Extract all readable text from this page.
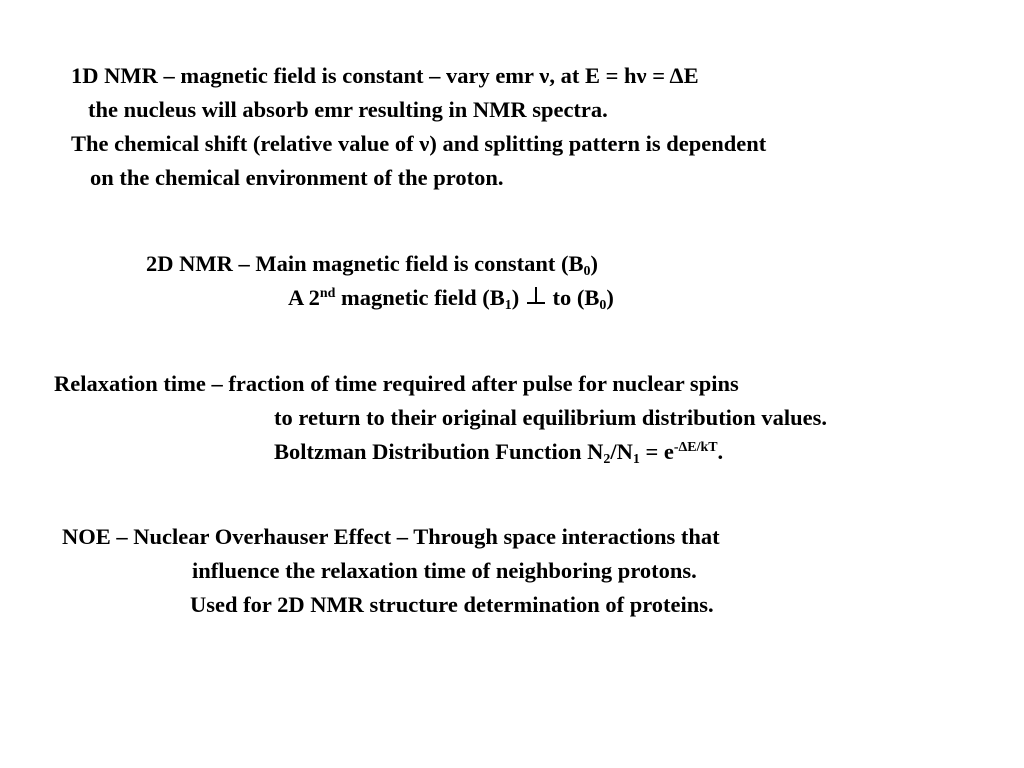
1D NMR – magnetic field is constant – vary emr ν, at E = hν = ΔE
the nucleus will absorb emr resulting in NMR spectra.
The chemical shift (relative value of ν) and splitting pattern is dependent
on the chemical environment of the proton.
2D NMR – Main magnetic field is constant $(B_0)$
A 2nd magnetic field $(B_1)$
to $(B_0)$
Relaxation time – fraction of time required after pulse for nuclear spins
to return to their original equilibrium distribution values.
Boltzman Distribution Function $N_2/N_1 = e^{-\Delta E/kT}$.
NOE – Nuclear Overhauser Effect – Through space interactions that
influence the relaxation time of neighboring protons.
Used for 2D NMR structure determination of proteins.
